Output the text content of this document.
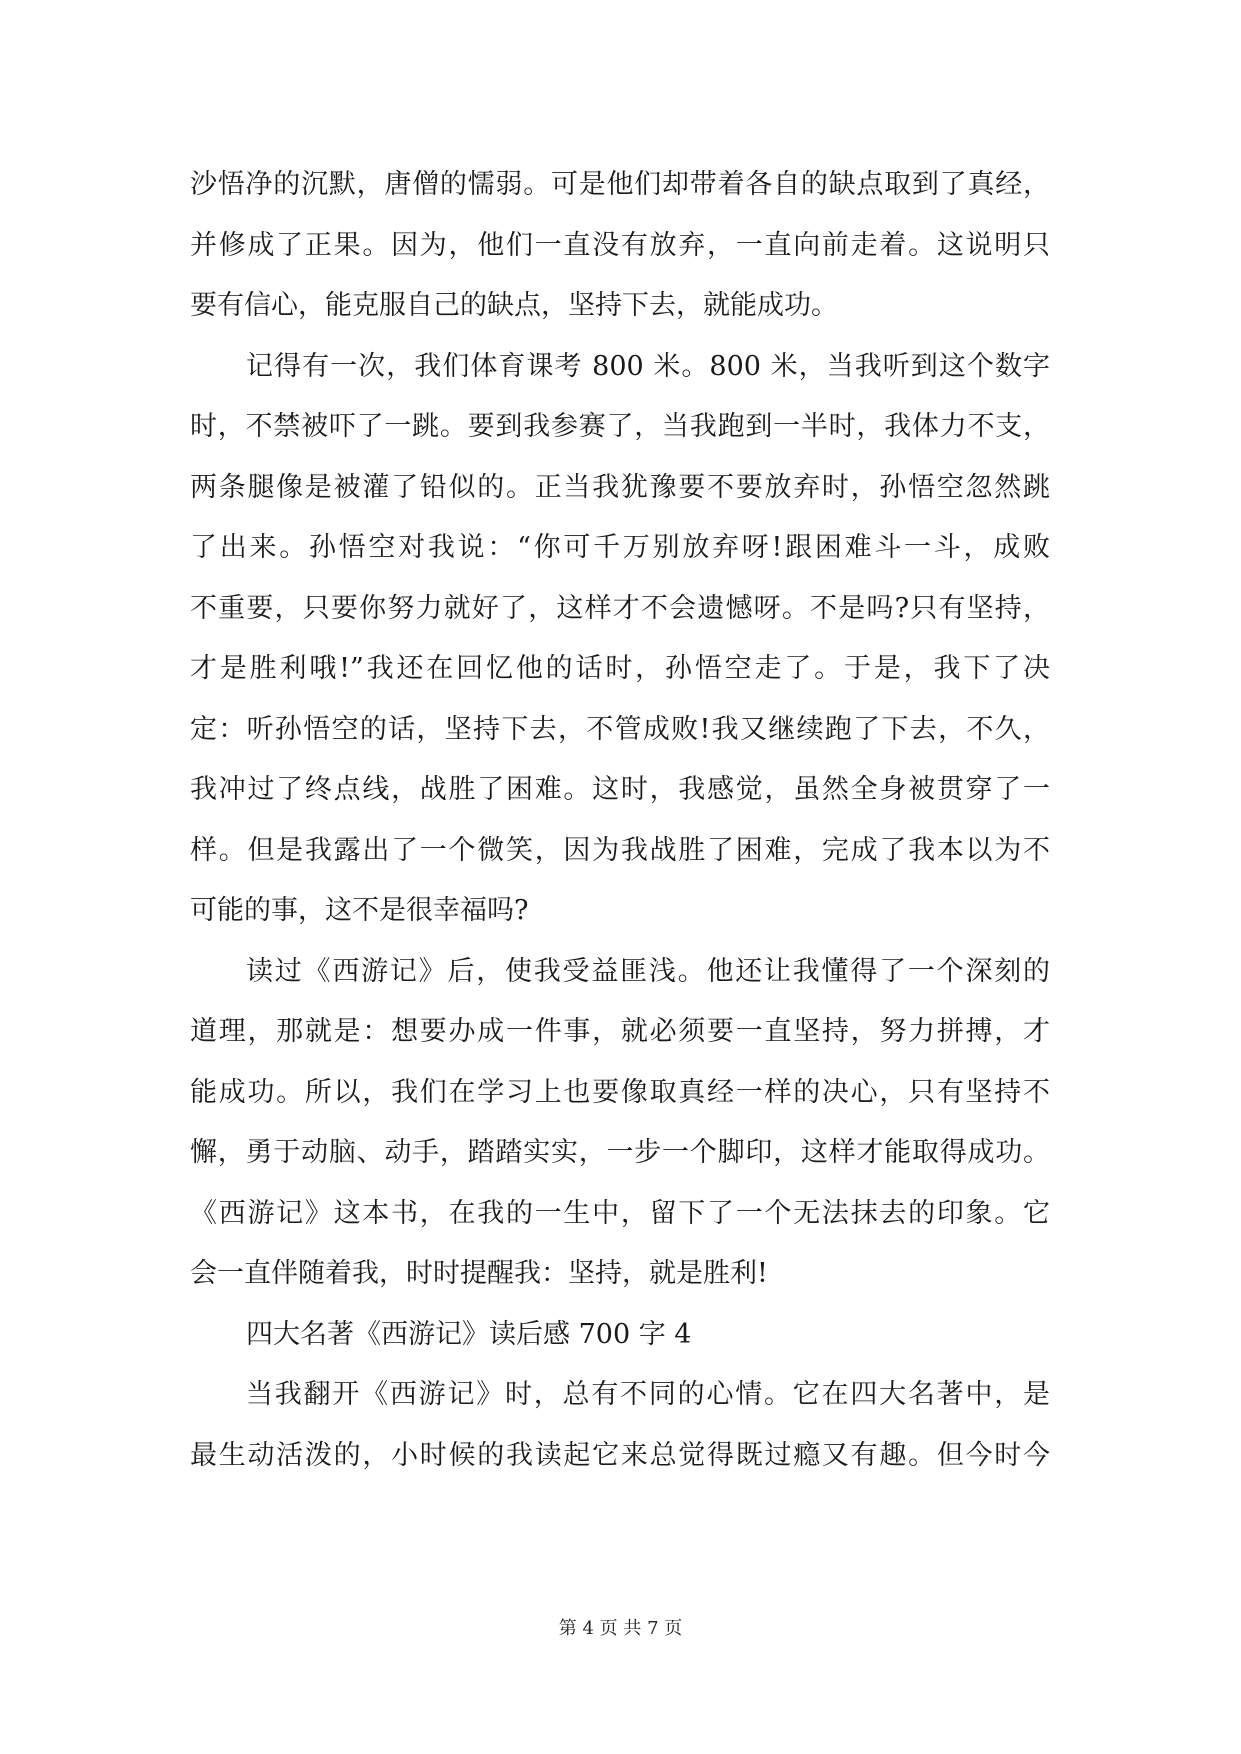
沙悟净的沉默，唐僧的懦弱。可是他们却带着各自的缺点取到了真经，
并修成了正果。因为，他们一直没有放弃，一直向前走着。这说明只
要有信心，能克服自己的缺点，坚持下去，就能成功。
记得有一次，我们体育课考 800 米。800 米，当我听到这个数字
时，不禁被吓了一跳。要到我参赛了，当我跑到一半时，我体力不支，
两条腿像是被灌了铅似的。正当我犹豫要不要放弃时，孙悟空忽然跳
了出来。孙悟空对我说：“你可千万别放弃呀!跟困难斗一斗，成败
不重要，只要你努力就好了，这样才不会遗憾呀。不是吗?只有坚持，
才是胜利哦!”我还在回忆他的话时，孙悟空走了。于是，我下了决
定：听孙悟空的话，坚持下去，不管成败!我又继续跑了下去，不久，
我冲过了终点线，战胜了困难。这时，我感觉，虽然全身被贯穿了一
样。但是我露出了一个微笑，因为我战胜了困难，完成了我本以为不
可能的事，这不是很幸福吗?
读过《西游记》后，使我受益匪浅。他还让我懂得了一个深刻的
道理，那就是：想要办成一件事，就必须要一直坚持，努力拼搏，才
能成功。所以，我们在学习上也要像取真经一样的决心，只有坚持不
懈，勇于动脑、动手，踏踏实实，一步一个脚印，这样才能取得成功。
《西游记》这本书，在我的一生中，留下了一个无法抹去的印象。它
会一直伴随着我，时时提醒我：坚持，就是胜利!
四大名著《西游记》读后感 700 字 4
当我翻开《西游记》时，总有不同的心情。它在四大名著中，是
最生动活泼的，小时候的我读起它来总觉得既过瘾又有趣。但今时今
第 4 页 共 7 页
